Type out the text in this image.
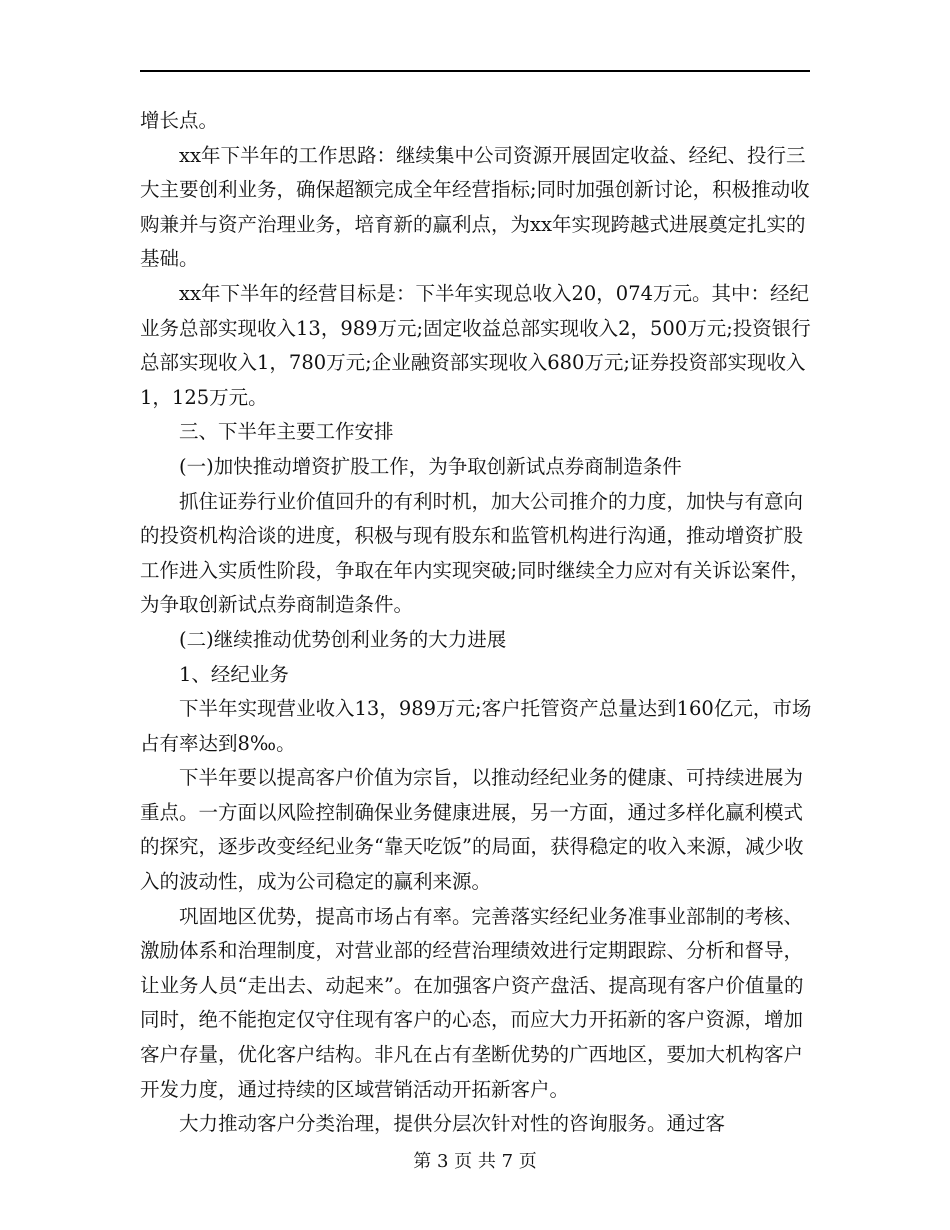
增长点。

xx年下半年的工作思路：继续集中公司资源开展固定收益、经纪、投行三大主要创利业务，确保超额完成全年经营指标;同时加强创新讨论，积极推动收购兼并与资产治理业务，培育新的赢利点，为xx年实现跨越式进展奠定扎实的基础。

xx年下半年的经营目标是：下半年实现总收入20，074万元。其中：经纪业务总部实现收入13，989万元;固定收益总部实现收入2，500万元;投资银行总部实现收入1，780万元;企业融资部实现收入680万元;证券投资部实现收入1，125万元。

三、下半年主要工作安排

(一)加快推动增资扩股工作，为争取创新试点券商制造条件

抓住证券行业价值回升的有利时机，加大公司推介的力度，加快与有意向的投资机构洽谈的进度，积极与现有股东和监管机构进行沟通，推动增资扩股工作进入实质性阶段，争取在年内实现突破;同时继续全力应对有关诉讼案件，为争取创新试点券商制造条件。

(二)继续推动优势创利业务的大力进展

1、经纪业务

下半年实现营业收入13，989万元;客户托管资产总量达到160亿元，市场占有率达到8‰。

下半年要以提高客户价值为宗旨，以推动经纪业务的健康、可持续进展为重点。一方面以风险控制确保业务健康进展，另一方面，通过多样化赢利模式的探究，逐步改变经纪业务“靠天吃饭”的局面，获得稳定的收入来源，减少收入的波动性，成为公司稳定的赢利来源。

巩固地区优势，提高市场占有率。完善落实经纪业务准事业部制的考核、激励体系和治理制度，对营业部的经营治理绩效进行定期跟踪、分析和督导，让业务人员“走出去、动起来”。在加强客户资产盘活、提高现有客户价值量的同时，绝不能抱定仅守住现有客户的心态，而应大力开拓新的客户资源，增加客户存量，优化客户结构。非凡在占有垄断优势的广西地区，要加大机构客户开发力度，通过持续的区域营销活动开拓新客户。

大力推动客户分类治理，提供分层次针对性的咨询服务。通过客

第 3 页 共 7 页
